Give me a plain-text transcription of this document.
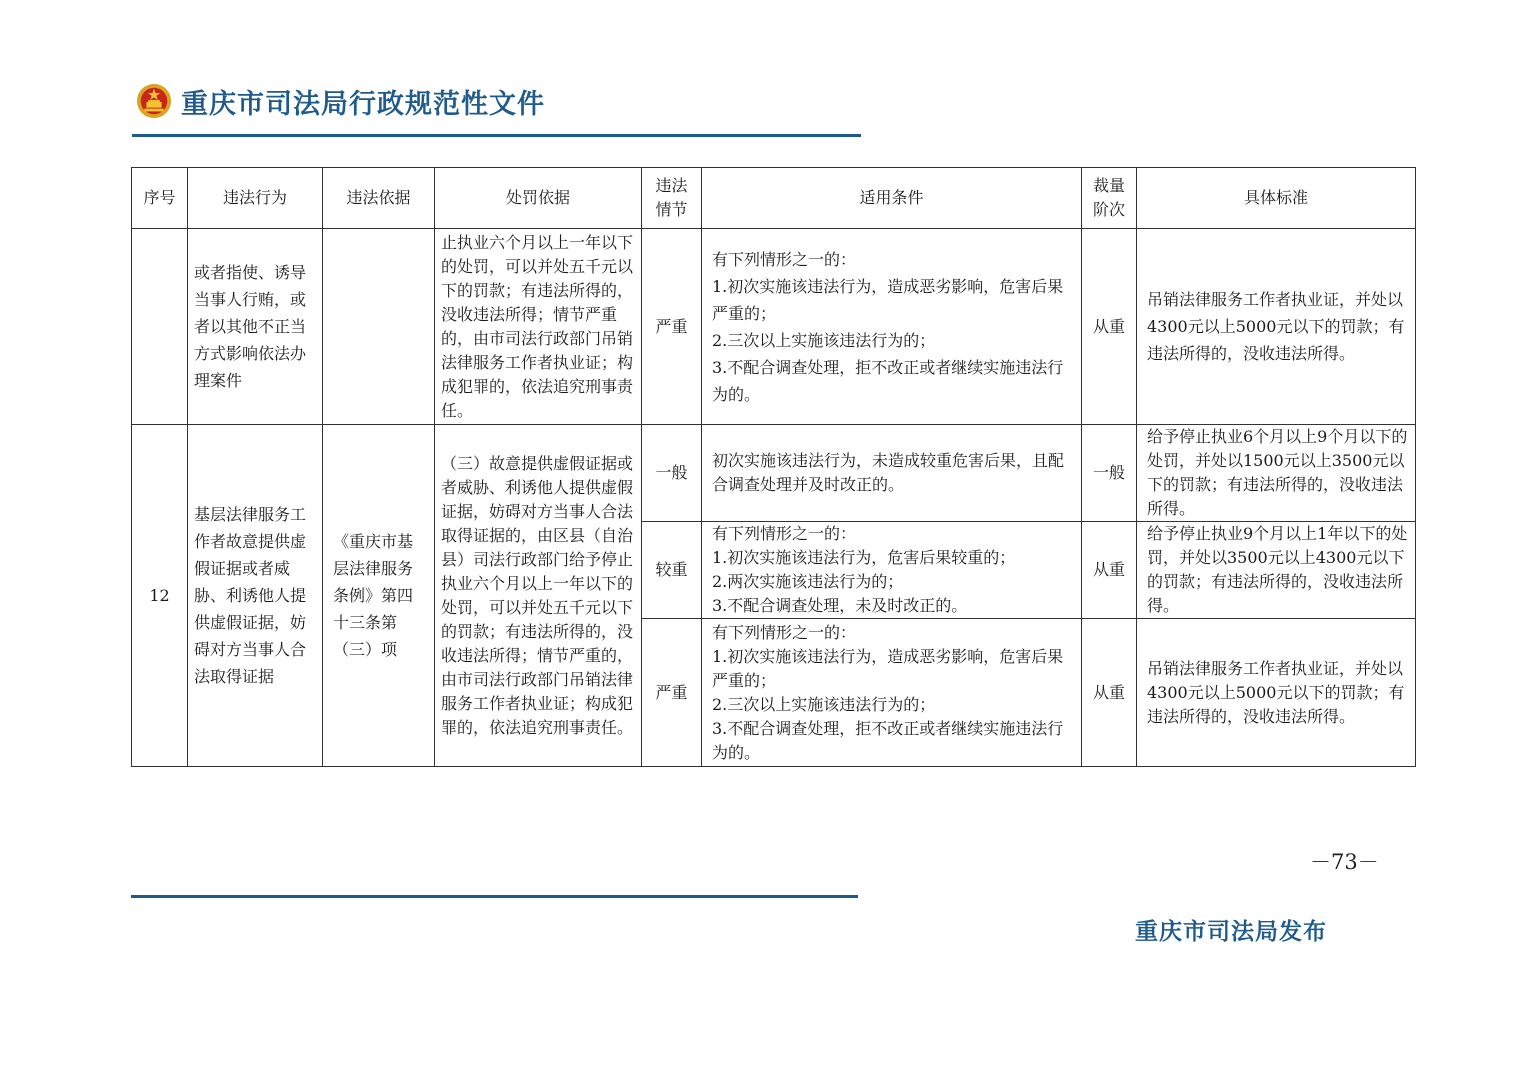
重庆市司法局行政规范性文件
序号	违法行为	违法依据	处罚依据	违法情节	适用条件	裁量阶次	具体标准
	或者指使、诱导当事人行贿，或者以其他不正当方式影响依法办理案件		止执业六个月以上一年以下的处罚，可以并处五千元以下的罚款；有违法所得的，没收违法所得；情节严重的，由市司法行政部门吊销法律服务工作者执业证；构成犯罪的，依法追究刑事责任。	严重	有下列情形之一的：
1.初次实施该违法行为，造成恶劣影响，危害后果严重的；
2.三次以上实施该违法行为的；
3.不配合调查处理，拒不改正或者继续实施违法行为的。	从重	吊销法律服务工作者执业证，并处以4300元以上5000元以下的罚款；有违法所得的，没收违法所得。
12	基层法律服务工作者故意提供虚假证据或者威胁、利诱他人提供虚假证据，妨碍对方当事人合法取得证据	《重庆市基层法律服务条例》第四十三条第（三）项	（三）故意提供虚假证据或者威胁、利诱他人提供虚假证据，妨碍对方当事人合法取得证据的，由区县（自治县）司法行政部门给予停止执业六个月以上一年以下的处罚，可以并处五千元以下的罚款；有违法所得的，没收违法所得；情节严重的，由市司法行政部门吊销法律服务工作者执业证；构成犯罪的，依法追究刑事责任。	一般	初次实施该违法行为，未造成较重危害后果，且配合调查处理并及时改正的。	一般	给予停止执业6个月以上9个月以下的处罚，并处以1500元以上3500元以下的罚款；有违法所得的，没收违法所得。
				较重	有下列情形之一的：
1.初次实施该违法行为，危害后果较重的；
2.两次实施该违法行为的；
3.不配合调查处理，未及时改正的。	从重	给予停止执业9个月以上1年以下的处罚，并处以3500元以上4300元以下的罚款；有违法所得的，没收违法所得。
				严重	有下列情形之一的：
1.初次实施该违法行为，造成恶劣影响，危害后果严重的；
2.三次以上实施该违法行为的；
3.不配合调查处理，拒不改正或者继续实施违法行为的。	从重	吊销法律服务工作者执业证，并处以4300元以上5000元以下的罚款；有违法所得的，没收违法所得。
－73－
重庆市司法局发布
